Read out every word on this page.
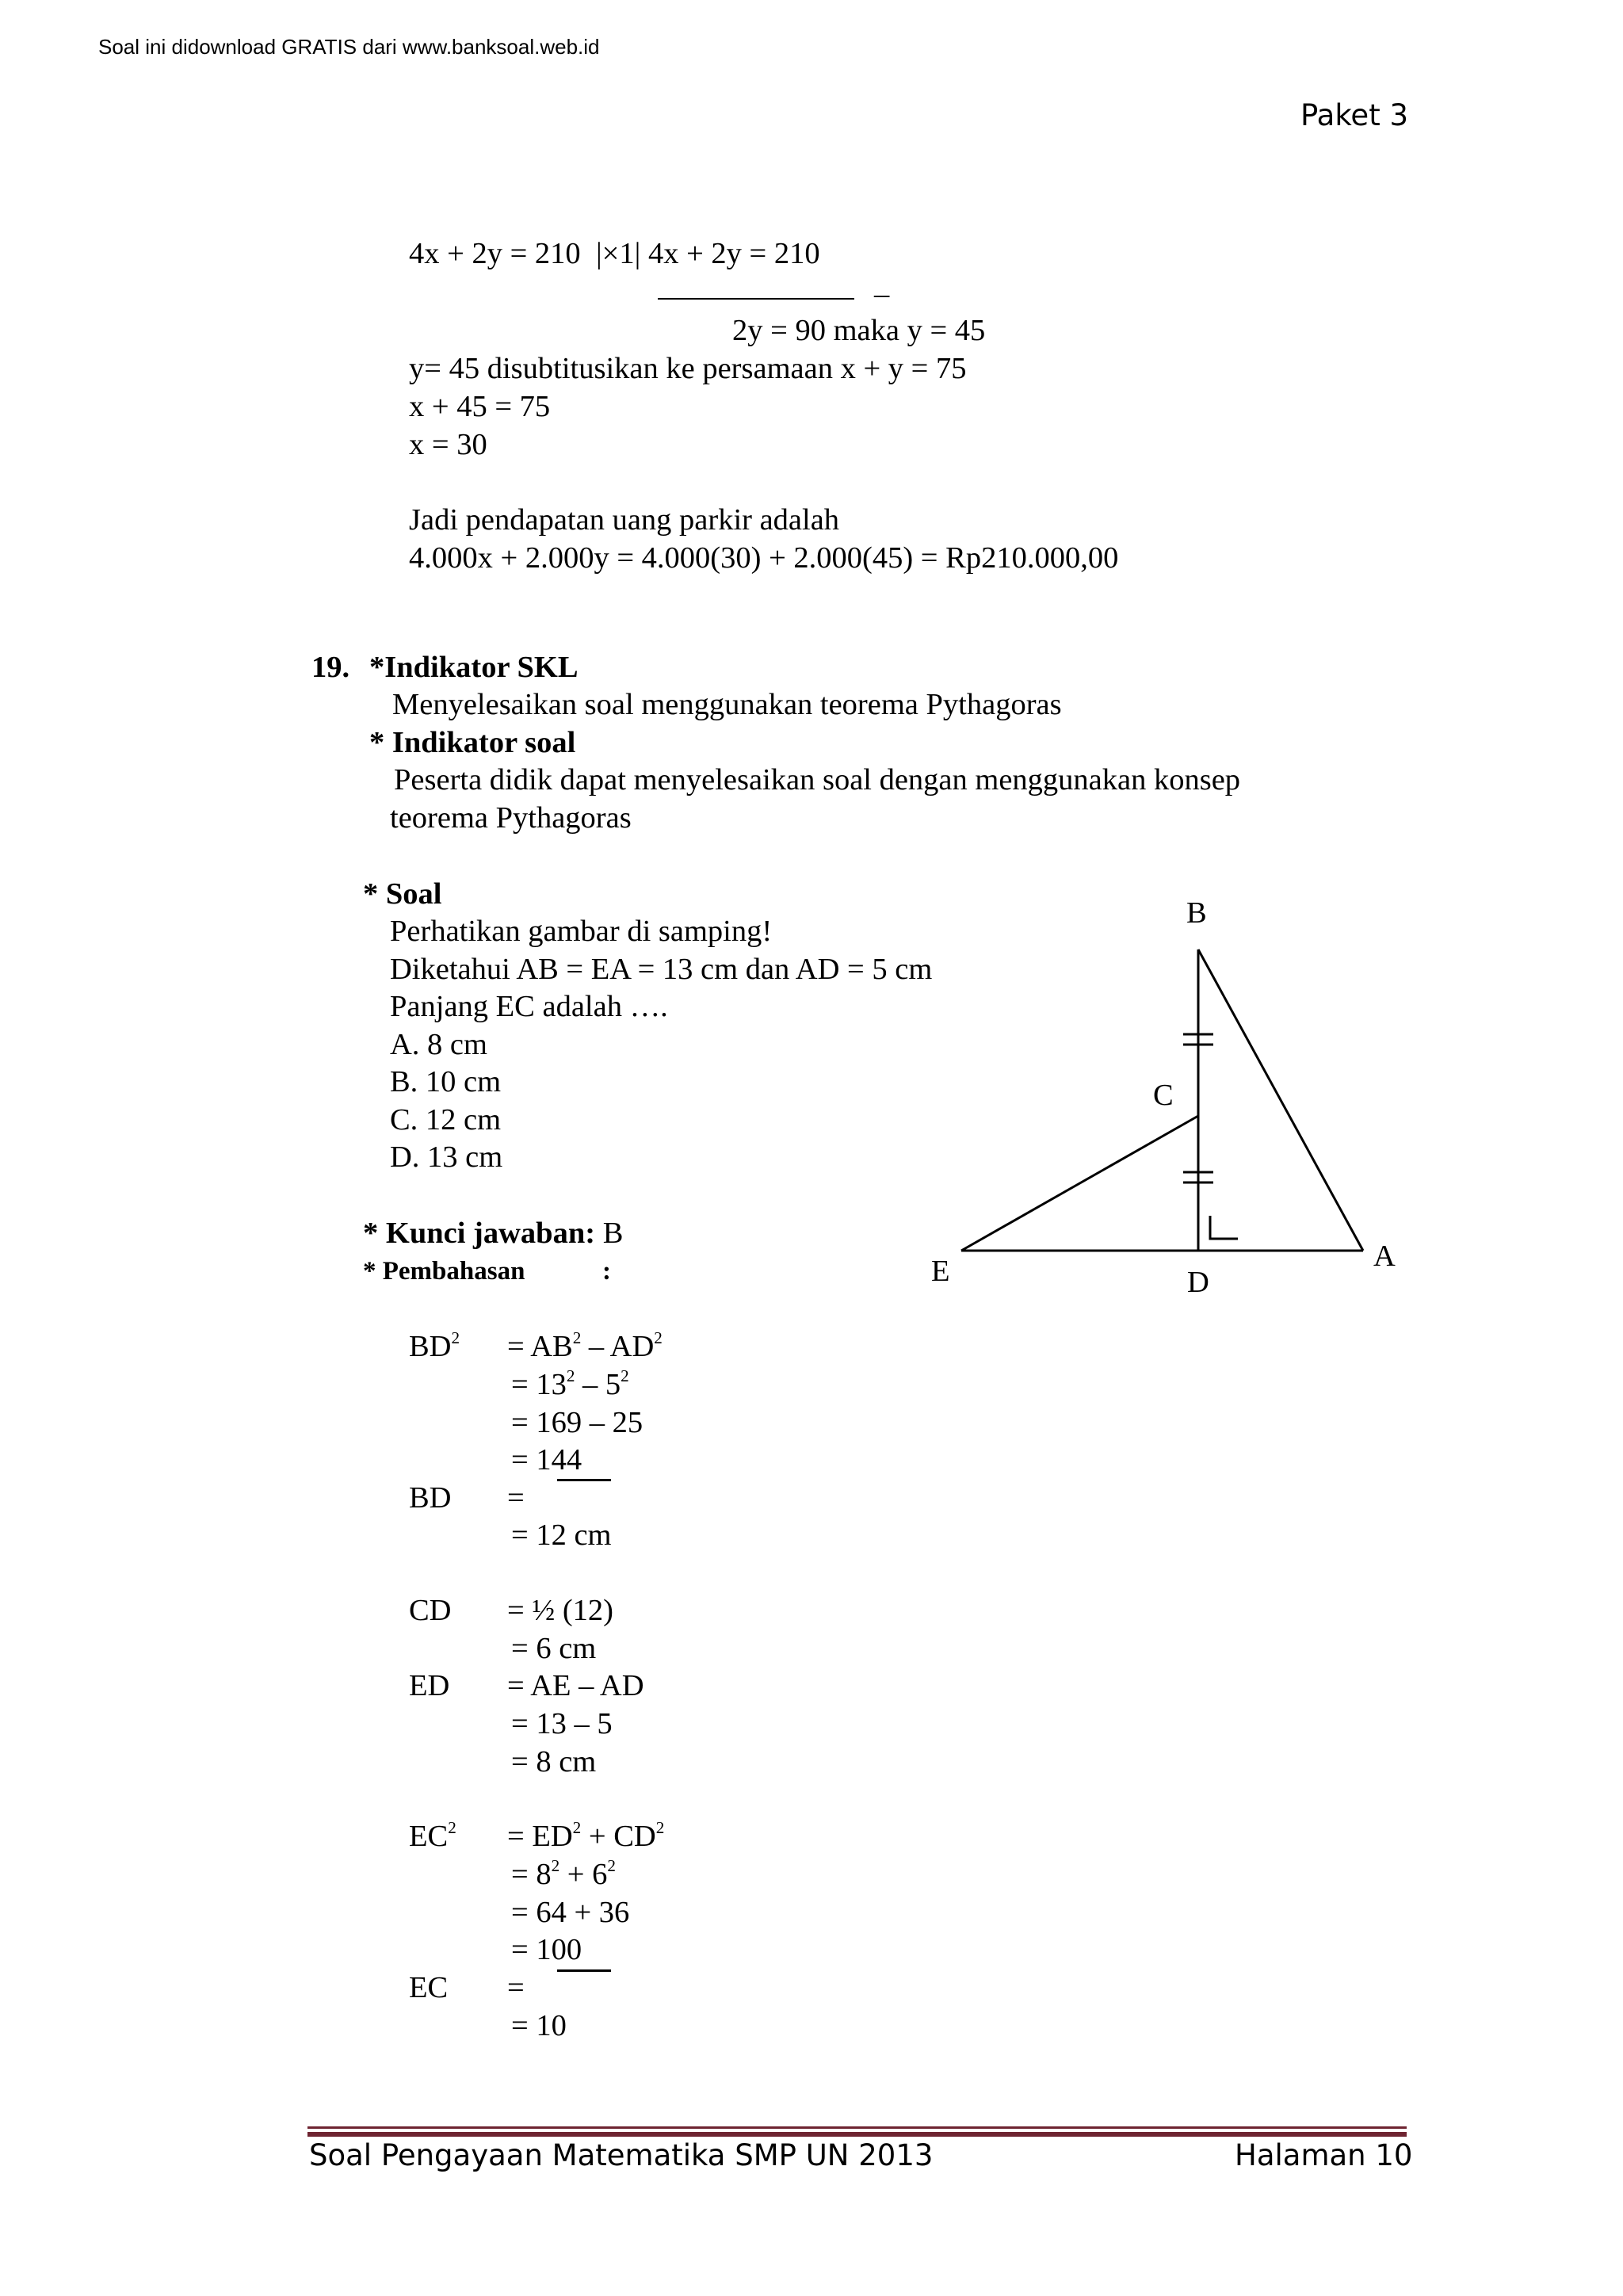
Soal ini didownload GRATIS dari www.banksoal.web.id
Paket 3
4x + 2y = 210 |×1| 4x + 2y = 210
–
2y = 90 maka y = 45
y= 45 disubtitusikan ke persamaan x + y = 75
x + 45 = 75
x = 30
Jadi pendapatan uang parkir adalah
4.000x + 2.000y = 4.000(30) + 2.000(45) = Rp210.000,00
19. *Indikator SKL
Menyelesaikan soal menggunakan teorema Pythagoras
* Indikator soal
Peserta didik dapat menyelesaikan soal dengan menggunakan konsep
teorema Pythagoras
* Soal
Perhatikan gambar di samping!
Diketahui AB = EA = 13 cm dan AD = 5 cm
Panjang EC adalah ….
A. 8 cm
B. 10 cm
C. 12 cm
D. 13 cm
* Kunci jawaban: B
* Pembahasan	:
B
C
E	D
A
$BD^2 = AB^2 - AD^2$
= $13^2 - 5^2$
= 169 – 25
= 144
BD =
= 12 cm
CD = ½ (12)
= 6 cm
ED = AE – AD
= 13 – 5
= 8 cm
$EC^2 = ED^2 + CD^2$
= $8^2 + 6^2$
= 64 + 36
= 100
EC =
= 10
Soal Pengayaan Matematika SMP UN 2013	Halaman 10
